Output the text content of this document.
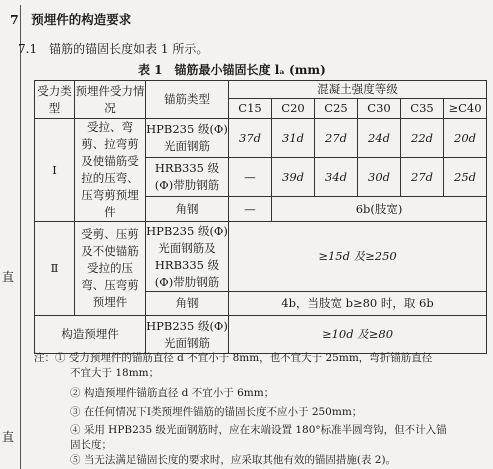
直
直
7　预埋件的构造要求
7.1　锚筋的锚固长度如表 1 所示。
表 1　锚筋最小锚固长度 lₐ (mm)
受力类型	预埋件受力情况	锚筋类型	混凝土强度等级					
			C15	C20	C25	C30	C35	≥C40
Ⅰ	受拉、弯剪、拉弯剪及使锚筋受拉的压弯、压弯剪预埋件	HPB235 级(Φ)光面钢筋	37d	31d	27d	24d	22d	20d
		HRB335 级(Φ)带肋钢筋	—	39d	34d	30d	27d	25d
		角钢	—	6b(肢宽)				
Ⅱ	受剪、压剪及不使锚筋受拉的压弯、压弯剪预埋件	HPB235 级(Φ)光面钢筋及HRB335 级(Φ)带肋钢筋	≥15d 及≥250					
		角钢	4b，当肢宽 b≥80 时，取 6b					
构造预埋件		HPB235 级(Φ)光面钢筋	≥10d 及≥80					
注：① 受力预埋件的锚筋直径 d 不宜小于 8mm，也不宜大于 25mm，弯折锚筋直径
不宜大于 18mm；
② 构造预埋件锚筋直径 d 不宜小于 6mm；
③ 在任何情况下Ⅰ类预埋件锚筋的锚固长度不应小于 250mm；
④ 采用 HPB235 级光面钢筋时，应在末端设置 180°标准半圆弯钩，但不计入锚
固长度；
⑤ 当无法满足锚固长度的要求时，应采取其他有效的锚固措施(表 2)。
